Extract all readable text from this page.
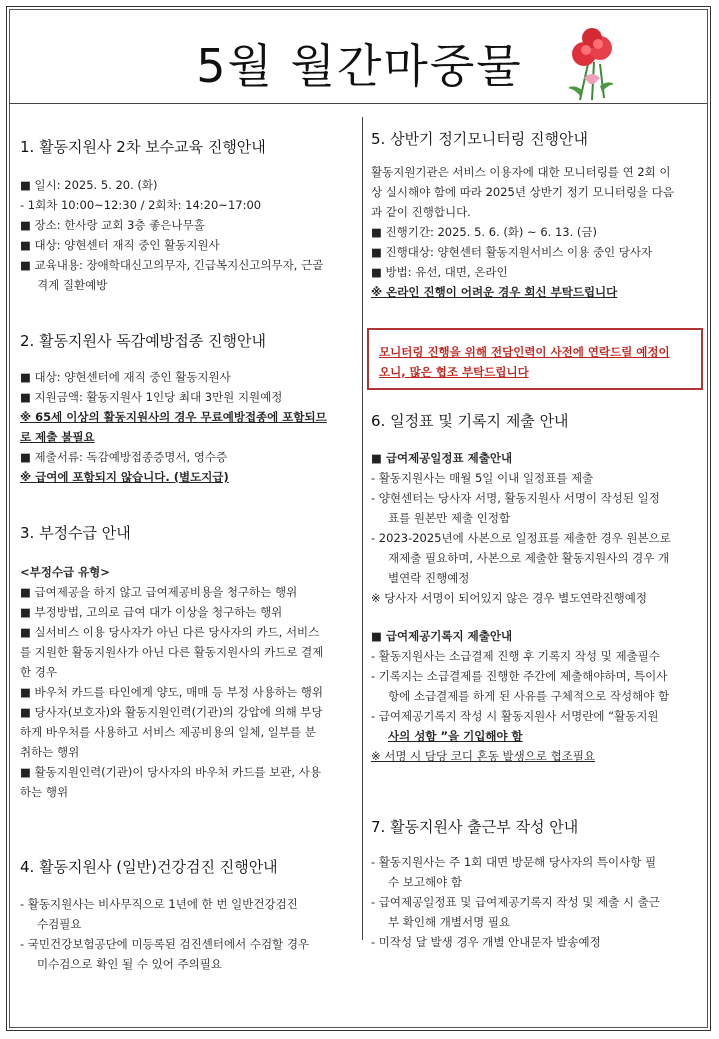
5월 월간마중물
1. 활동지원사 2차 보수교육 진행안내

■ 일시: 2025. 5. 20. (화)

- 1회차 10:00~12:30 / 2회차: 14:20~17:00

■ 장소: 한사랑 교회 3층 좋은나무홀

■ 대상: 양현센터 재직 중인 활동지원사

■ 교육내용: 장애학대신고의무자, 긴급복지신고의무자, 근골

격계 질환예방

2. 활동지원사 독감예방접종 진행안내

■ 대상: 양현센터에 재직 중인 활동지원사

■ 지원금액: 활동지원사 1인당 최대 3만원 지원예정

※ 65세 이상의 활동지원사의 경우 무료예방접종에 포함되므

로 제출 불필요

■ 제출서류: 독감예방접종증명서, 영수증

※ 급여에 포함되지 않습니다. (별도지급)

3. 부정수급 안내

<부정수급 유형>

■ 급여제공을 하지 않고 급여제공비용을 청구하는 행위

■ 부정방법, 고의로 급여 대가 이상을 청구하는 행위

■ 실서비스 이용 당사자가 아닌 다른 당사자의 카드, 서비스

를 지원한 활동지원사가 아닌 다른 활동지원사의 카드로 결제

한 경우

■ 바우처 카드를 타인에게 양도, 매매 등 부정 사용하는 행위

■ 당사자(보호자)와 활동지원인력(기관)의 강압에 의해 부당

하게 바우처를 사용하고 서비스 제공비용의 일체, 일부를 분

취하는 행위

■ 활동지원인력(기관)이 당사자의 바우처 카드를 보관, 사용

하는 행위

4. 활동지원사 (일반)건강검진 진행안내

- 활동지원사는 비사무직으로 1년에 한 번 일반건강검진

수검필요

- 국민건강보험공단에 미등록된 검진센터에서 수검할 경우

미수검으로 확인 될 수 있어 주의필요

5. 상반기 정기모니터링 진행안내

활동지원기관은 서비스 이용자에 대한 모니터링를 연 2회 이

상 실시해야 함에 따라 2025년 상반기 정기 모니터링을 다음

과 같이 진행합니다.

■ 진행기간: 2025. 5. 6. (화) ~ 6. 13. (금)

■ 진행대상: 양현센터 활동지원서비스 이용 중인 당사자

■ 방법: 유선, 대면, 온라인

※ 온라인 진행이 어려운 경우 회신 부탁드립니다

모니터링 진행을 위해 전담인력이 사전에 연락드릴 예정이
오니, 많은 협조 부탁드립니다
6. 일정표 및 기록지 제출 안내

■ 급여제공일정표 제출안내

- 활동지원사는 매월 5일 이내 일정표를 제출

- 양현센터는 당사자 서명, 활동지원사 서명이 작성된 일정

표를 원본만 제출 인정함

- 2023-2025년에 사본으로 일정표를 제출한 경우 원본으로

재제출 필요하며, 사본으로 제출한 활동지원사의 경우 개

별연락 진행예정

※ 당사자 서명이 되어있지 않은 경우 별도연락진행예정

■ 급여제공기록지 제출안내

- 활동지원사는 소급결제 진행 후 기록지 작성 및 제출필수

- 기록지는 소급결제를 진행한 주간에 제출해야하며, 특이사

항에 소급결제를 하게 된 사유를 구체적으로 작성해야 함

- 급여제공기록지 작성 시 활동지원사 서명란에 “활동지원

사의 성함 ”을 기입해야 함

※ 서명 시 담당 코디 혼동 발생으로 협조필요

7. 활동지원사 출근부 작성 안내

- 활동지원사는 주 1회 대면 방문해 당사자의 특이사항 필

수 보고해야 함

- 급여제공일정표 및 급여제공기록지 작성 및 제출 시 출근

부 확인해 개별서명 필요

- 미작성 달 발생 경우 개별 안내문자 발송예정
